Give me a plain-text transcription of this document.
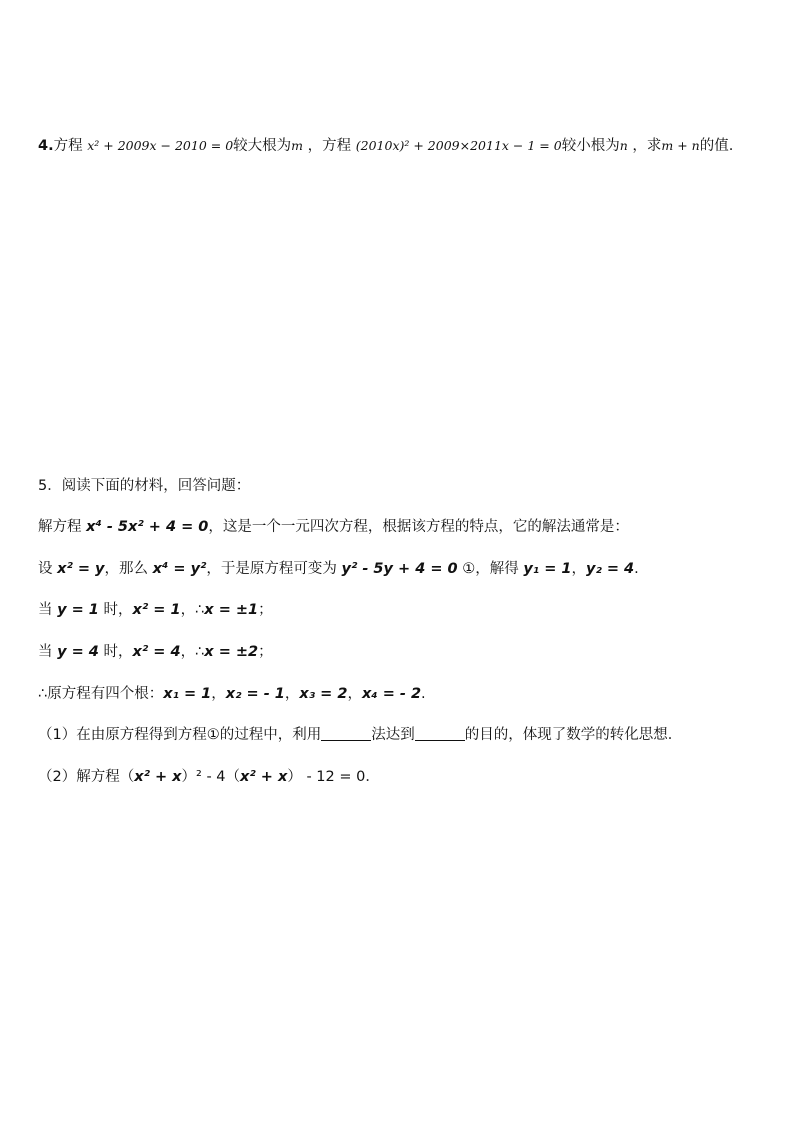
4.方程 x² + 2009x − 2010 = 0较大根为m ，方程 (2010x)² + 2009×2011x − 1 = 0较小根为n ，求m + n的值.
5．阅读下面的材料，回答问题：
解方程 x⁴ - 5x² + 4 = 0，这是一个一元四次方程，根据该方程的特点，它的解法通常是：
设 x² = y，那么 x⁴ = y²，于是原方程可变为 y² - 5y + 4 = 0 ①，解得 y₁ = 1，y₂ = 4.
当 y = 1 时，x² = 1，∴x = ±1；
当 y = 4 时，x² = 4，∴x = ±2；
∴原方程有四个根：x₁ = 1，x₂ = - 1，x₃ = 2，x₄ = - 2.
（1）在由原方程得到方程①的过程中，利用	法达到	的目的，体现了数学的转化思想．
（2）解方程（x² + x）² - 4（x² + x） - 12 = 0．
